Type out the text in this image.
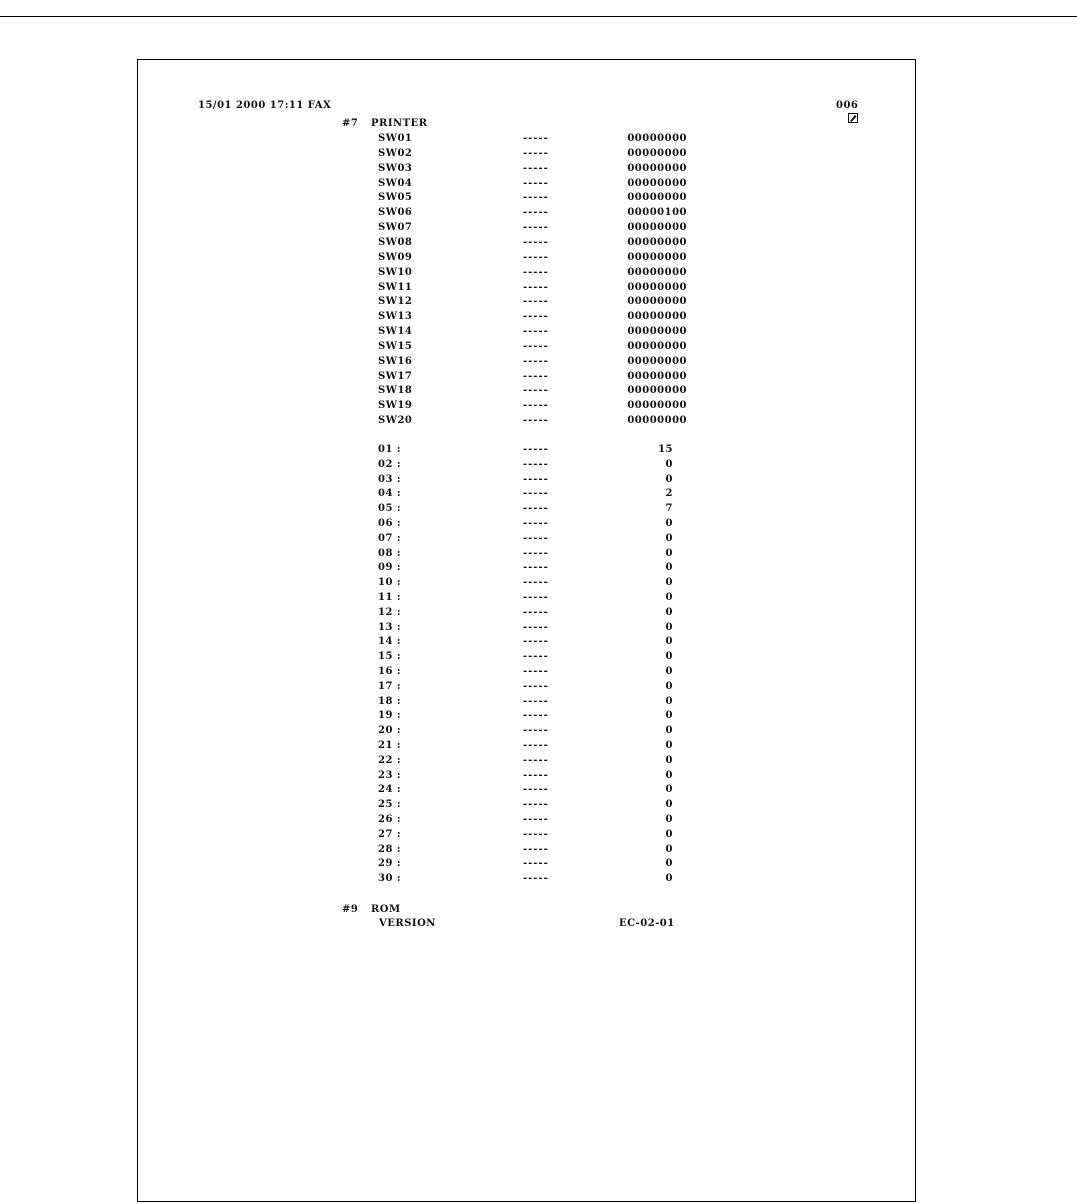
15/01 2000 17:11 FAX

	006
#7 PRINTER
SW01	-----	00000000
SW02	-----	00000000
SW03	-----	00000000
SW04	-----	00000000
SW05	-----	00000000
SW06	-----	00000100
SW07	-----	00000000
SW08	-----	00000000
SW09	-----	00000000
SW10	-----	00000000
SW11	-----	00000000
SW12	-----	00000000
SW13	-----	00000000
SW14	-----	00000000
SW15	-----	00000000
SW16	-----	00000000
SW17	-----	00000000
SW18	-----	00000000
SW19	-----	00000000
SW20	-----	00000000
01 :	-----	15
02 :	-----	0
03 :	-----	0
04 :	-----	2
05 :	-----	7
06 :	-----	0
07 :	-----	0
08 :	-----	0
09 :	-----	0
10 :	-----	0
11 :	-----	0
12 :	-----	0
13 :	-----	0
14 :	-----	0
15 :	-----	0
16 :	-----	0
17 :	-----	0
18 :	-----	0
19 :	-----	0
20 :	-----	0
21 :	-----	0
22 :	-----	0
23 :	-----	0
24 :	-----	0
25 :	-----	0
26 :	-----	0
27 :	-----	0
28 :	-----	0
29 :	-----	0
30 :	-----	0
#9 ROM
VERSION	EC-02-01
